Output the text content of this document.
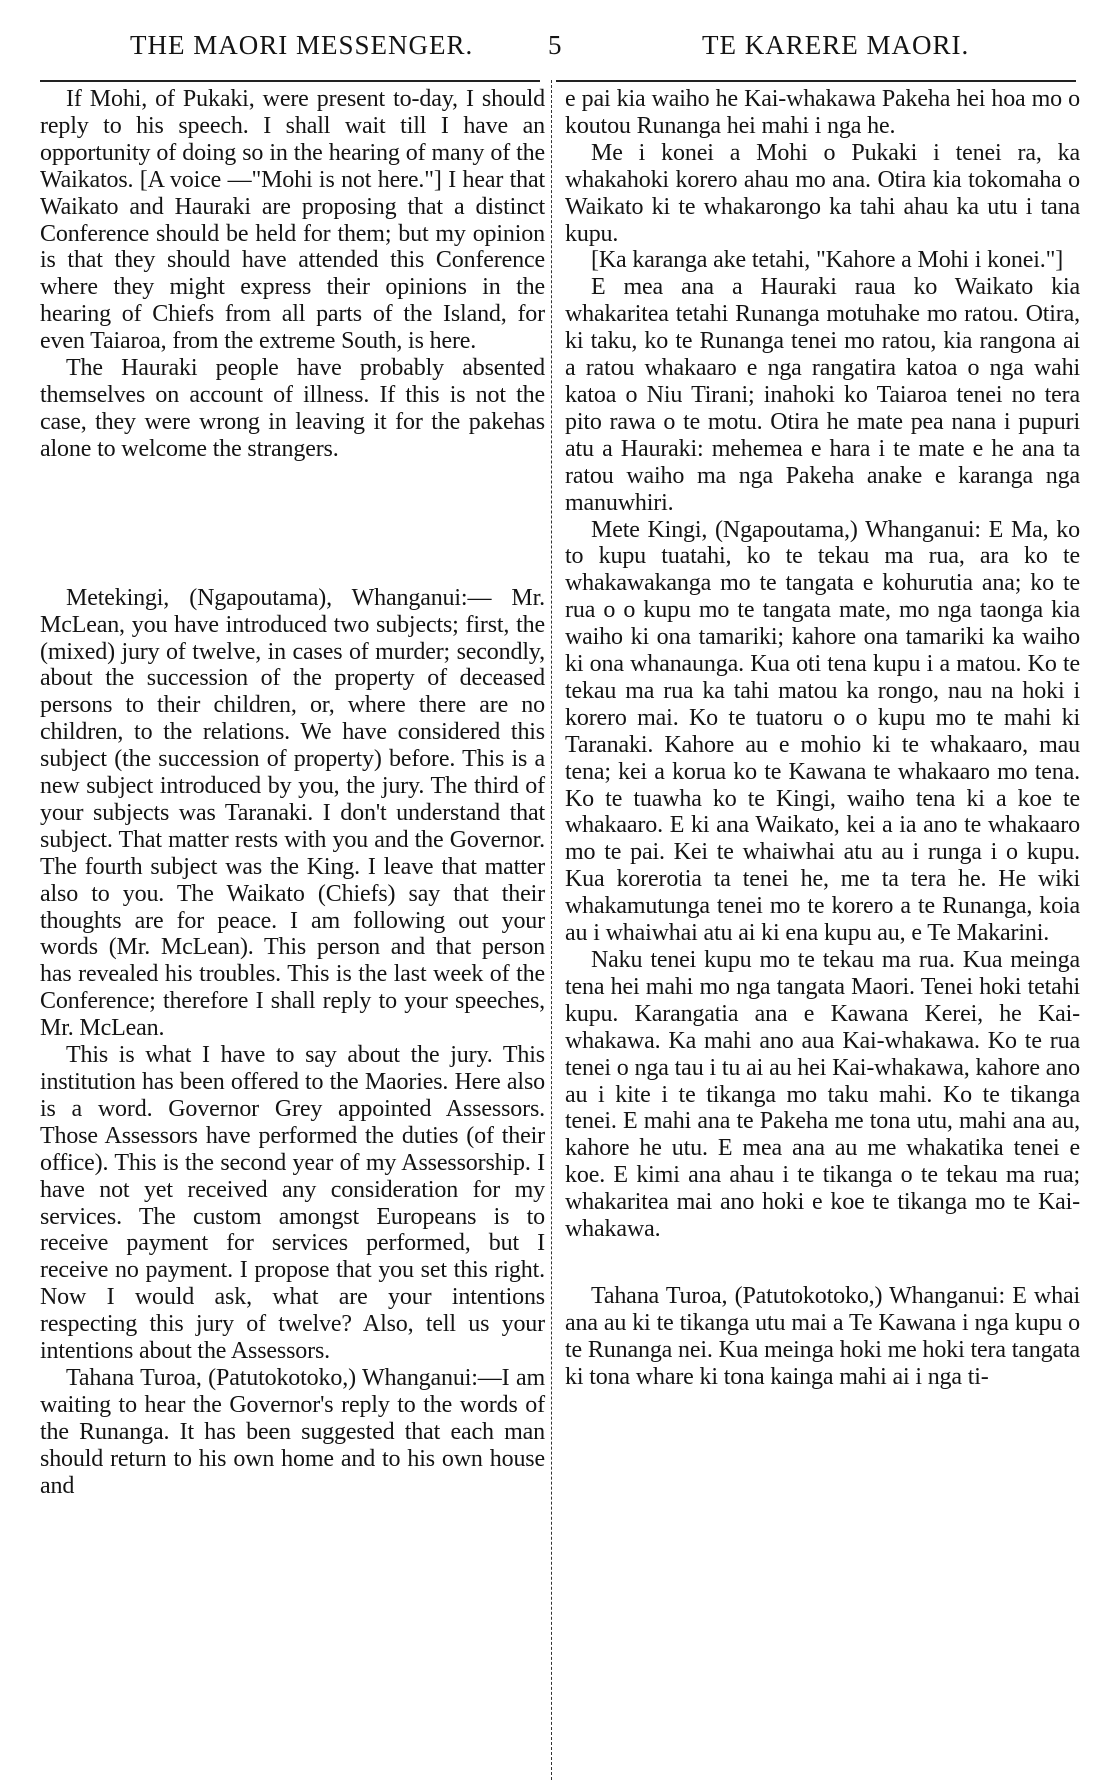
THE MAORI MESSENGER.	5	TE KARERE MAORI.

If Mohi, of Pukaki, were present to-day, I should reply to his speech. I shall wait till I have an opportunity of doing so in the hearing of many of the Waikatos. [A voice —"Mohi is not here."] I hear that Waikato and Hauraki are proposing that a distinct Conference should be held for them; but my opinion is that they should have attended this Conference where they might express their opinions in the hearing of Chiefs from all parts of the Island, for even Taiaroa, from the extreme South, is here.

The Hauraki people have probably absented themselves on account of illness. If this is not the case, they were wrong in leaving it for the pakehas alone to welcome the strangers.

Metekingi, (Ngapoutama), Whanganui:— Mr. McLean, you have introduced two subjects; first, the (mixed) jury of twelve, in cases of murder; secondly, about the succession of the property of deceased persons to their children, or, where there are no children, to the relations. We have considered this subject (the succession of property) before. This is a new subject introduced by you, the jury. The third of your subjects was Taranaki. I don't understand that subject. That matter rests with you and the Governor. The fourth subject was the King. I leave that matter also to you. The Waikato (Chiefs) say that their thoughts are for peace. I am following out your words (Mr. McLean). This person and that person has revealed his troubles. This is the last week of the Conference; therefore I shall reply to your speeches, Mr. McLean.

This is what I have to say about the jury. This institution has been offered to the Maories. Here also is a word. Governor Grey appointed Assessors. Those Assessors have performed the duties (of their office). This is the second year of my Assessorship. I have not yet received any consideration for my services. The custom amongst Europeans is to receive payment for services performed, but I receive no payment. I propose that you set this right. Now I would ask, what are your intentions respecting this jury of twelve? Also, tell us your intentions about the Assessors.

Tahana Turoa, (Patutokotoko,) Whanganui:—I am waiting to hear the Governor's reply to the words of the Runanga. It has been suggested that each man should return to his own home and to his own house and

e pai kia waiho he Kai-whakawa Pakeha hei hoa mo o koutou Runanga hei mahi i nga he.

Me i konei a Mohi o Pukaki i tenei ra, ka whakahoki korero ahau mo ana. Otira kia tokomaha o Waikato ki te whakarongo ka tahi ahau ka utu i tana kupu.

[Ka karanga ake tetahi, "Kahore a Mohi i konei."]

E mea ana a Hauraki raua ko Waikato kia whakaritea tetahi Runanga motuhake mo ratou. Otira, ki taku, ko te Runanga tenei mo ratou, kia rangona ai a ratou whakaaro e nga rangatira katoa o nga wahi katoa o Niu Tirani; inahoki ko Taiaroa tenei no tera pito rawa o te motu. Otira he mate pea nana i pupuri atu a Hauraki: mehemea e hara i te mate e he ana ta ratou waiho ma nga Pakeha anake e karanga nga manuwhiri.

Mete Kingi, (Ngapoutama,) Whanganui: E Ma, ko to kupu tuatahi, ko te tekau ma rua, ara ko te whakawakanga mo te tangata e kohurutia ana; ko te rua o o kupu mo te tangata mate, mo nga taonga kia waiho ki ona tamariki; kahore ona tamariki ka waiho ki ona whanaunga. Kua oti tena kupu i a matou. Ko te tekau ma rua ka tahi matou ka rongo, nau na hoki i korero mai. Ko te tuatoru o o kupu mo te mahi ki Taranaki. Kahore au e mohio ki te whakaaro, mau tena; kei a korua ko te Kawana te whakaaro mo tena. Ko te tuawha ko te Kingi, waiho tena ki a koe te whakaaro. E ki ana Waikato, kei a ia ano te whakaaro mo te pai. Kei te whaiwhai atu au i runga i o kupu. Kua korerotia ta tenei he, me ta tera he. He wiki whakamutunga tenei mo te korero a te Runanga, koia au i whaiwhai atu ai ki ena kupu au, e Te Makarini.

Naku tenei kupu mo te tekau ma rua. Kua meinga tena hei mahi mo nga tangata Maori. Tenei hoki tetahi kupu. Karangatia ana e Kawana Kerei, he Kai-whakawa. Ka mahi ano aua Kai-whakawa. Ko te rua tenei o nga tau i tu ai au hei Kai-whakawa, kahore ano au i kite i te tikanga mo taku mahi. Ko te tikanga tenei. E mahi ana te Pakeha me tona utu, mahi ana au, kahore he utu. E mea ana au me whakatika tenei e koe. E kimi ana ahau i te tikanga o te tekau ma rua; whakaritea mai ano hoki e koe te tikanga mo te Kai-whakawa.

Tahana Turoa, (Patutokotoko,) Whanganui: E whai ana au ki te tikanga utu mai a Te Kawana i nga kupu o te Runanga nei. Kua meinga hoki me hoki tera tangata ki tona whare ki tona kainga mahi ai i nga ti-
